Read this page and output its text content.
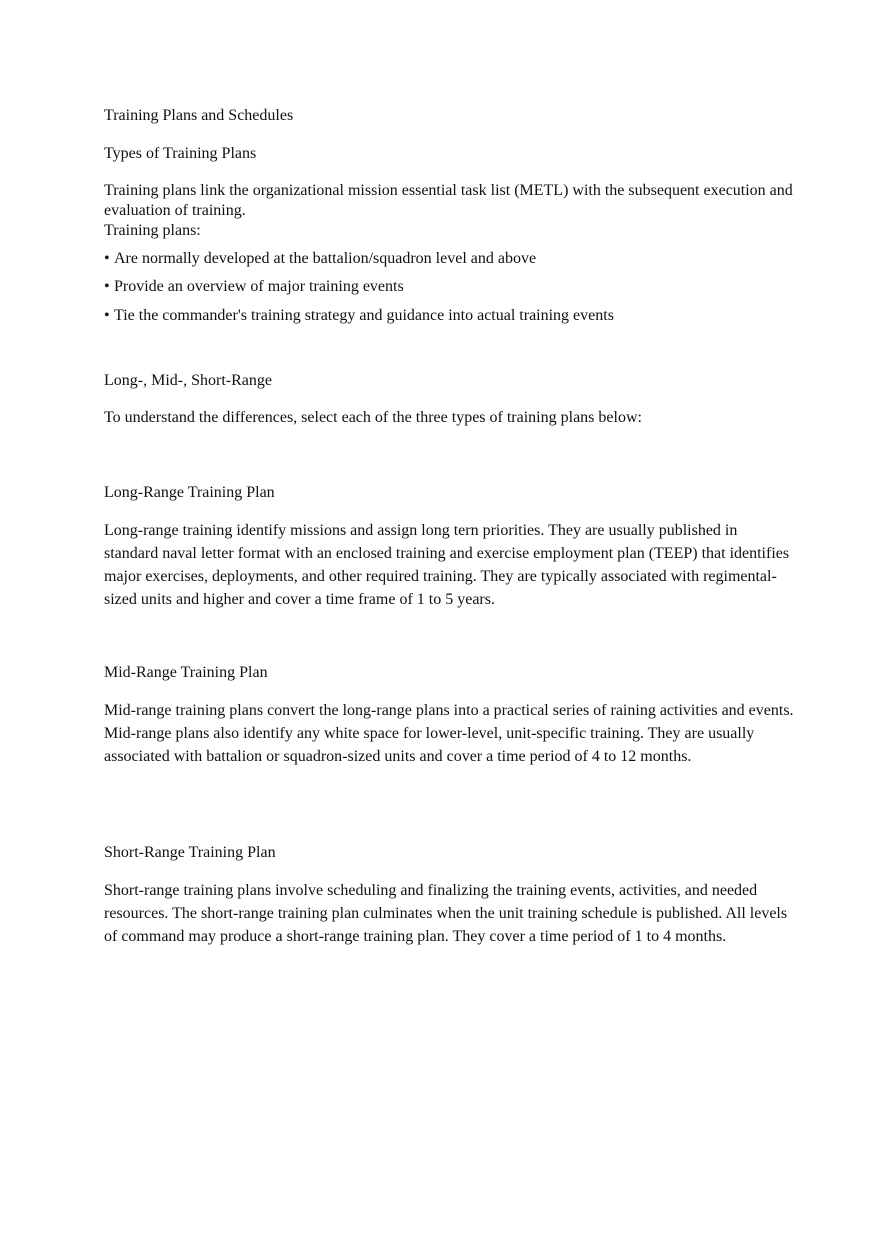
Training Plans and Schedules

Types of Training Plans

Training plans link the organizational mission essential task list (METL) with the subsequent execution and evaluation of training.

Training plans:

• Are normally developed at the battalion/squadron level and above

• Provide an overview of major training events

• Tie the commander's training strategy and guidance into actual training events

Long-, Mid-, Short-Range

To understand the differences, select each of the three types of training plans below:

Long-Range Training Plan

Long-range training identify missions and assign long tern priorities. They are usually published in standard naval letter format with an enclosed training and exercise employment plan (TEEP) that identifies major exercises, deployments, and other required training. They are typically associated with regimental-sized units and higher and cover a time frame of 1 to 5 years.

Mid-Range Training Plan

Mid-range training plans convert the long-range plans into a practical series of raining activities and events. Mid-range plans also identify any white space for lower-level, unit-specific training. They are usually associated with battalion or squadron-sized units and cover a time period of 4 to 12 months.

Short-Range Training Plan

Short-range training plans involve scheduling and finalizing the training events, activities, and needed resources. The short-range training plan culminates when the unit training schedule is published. All levels of command may produce a short-range training plan. They cover a time period of 1 to 4 months.
